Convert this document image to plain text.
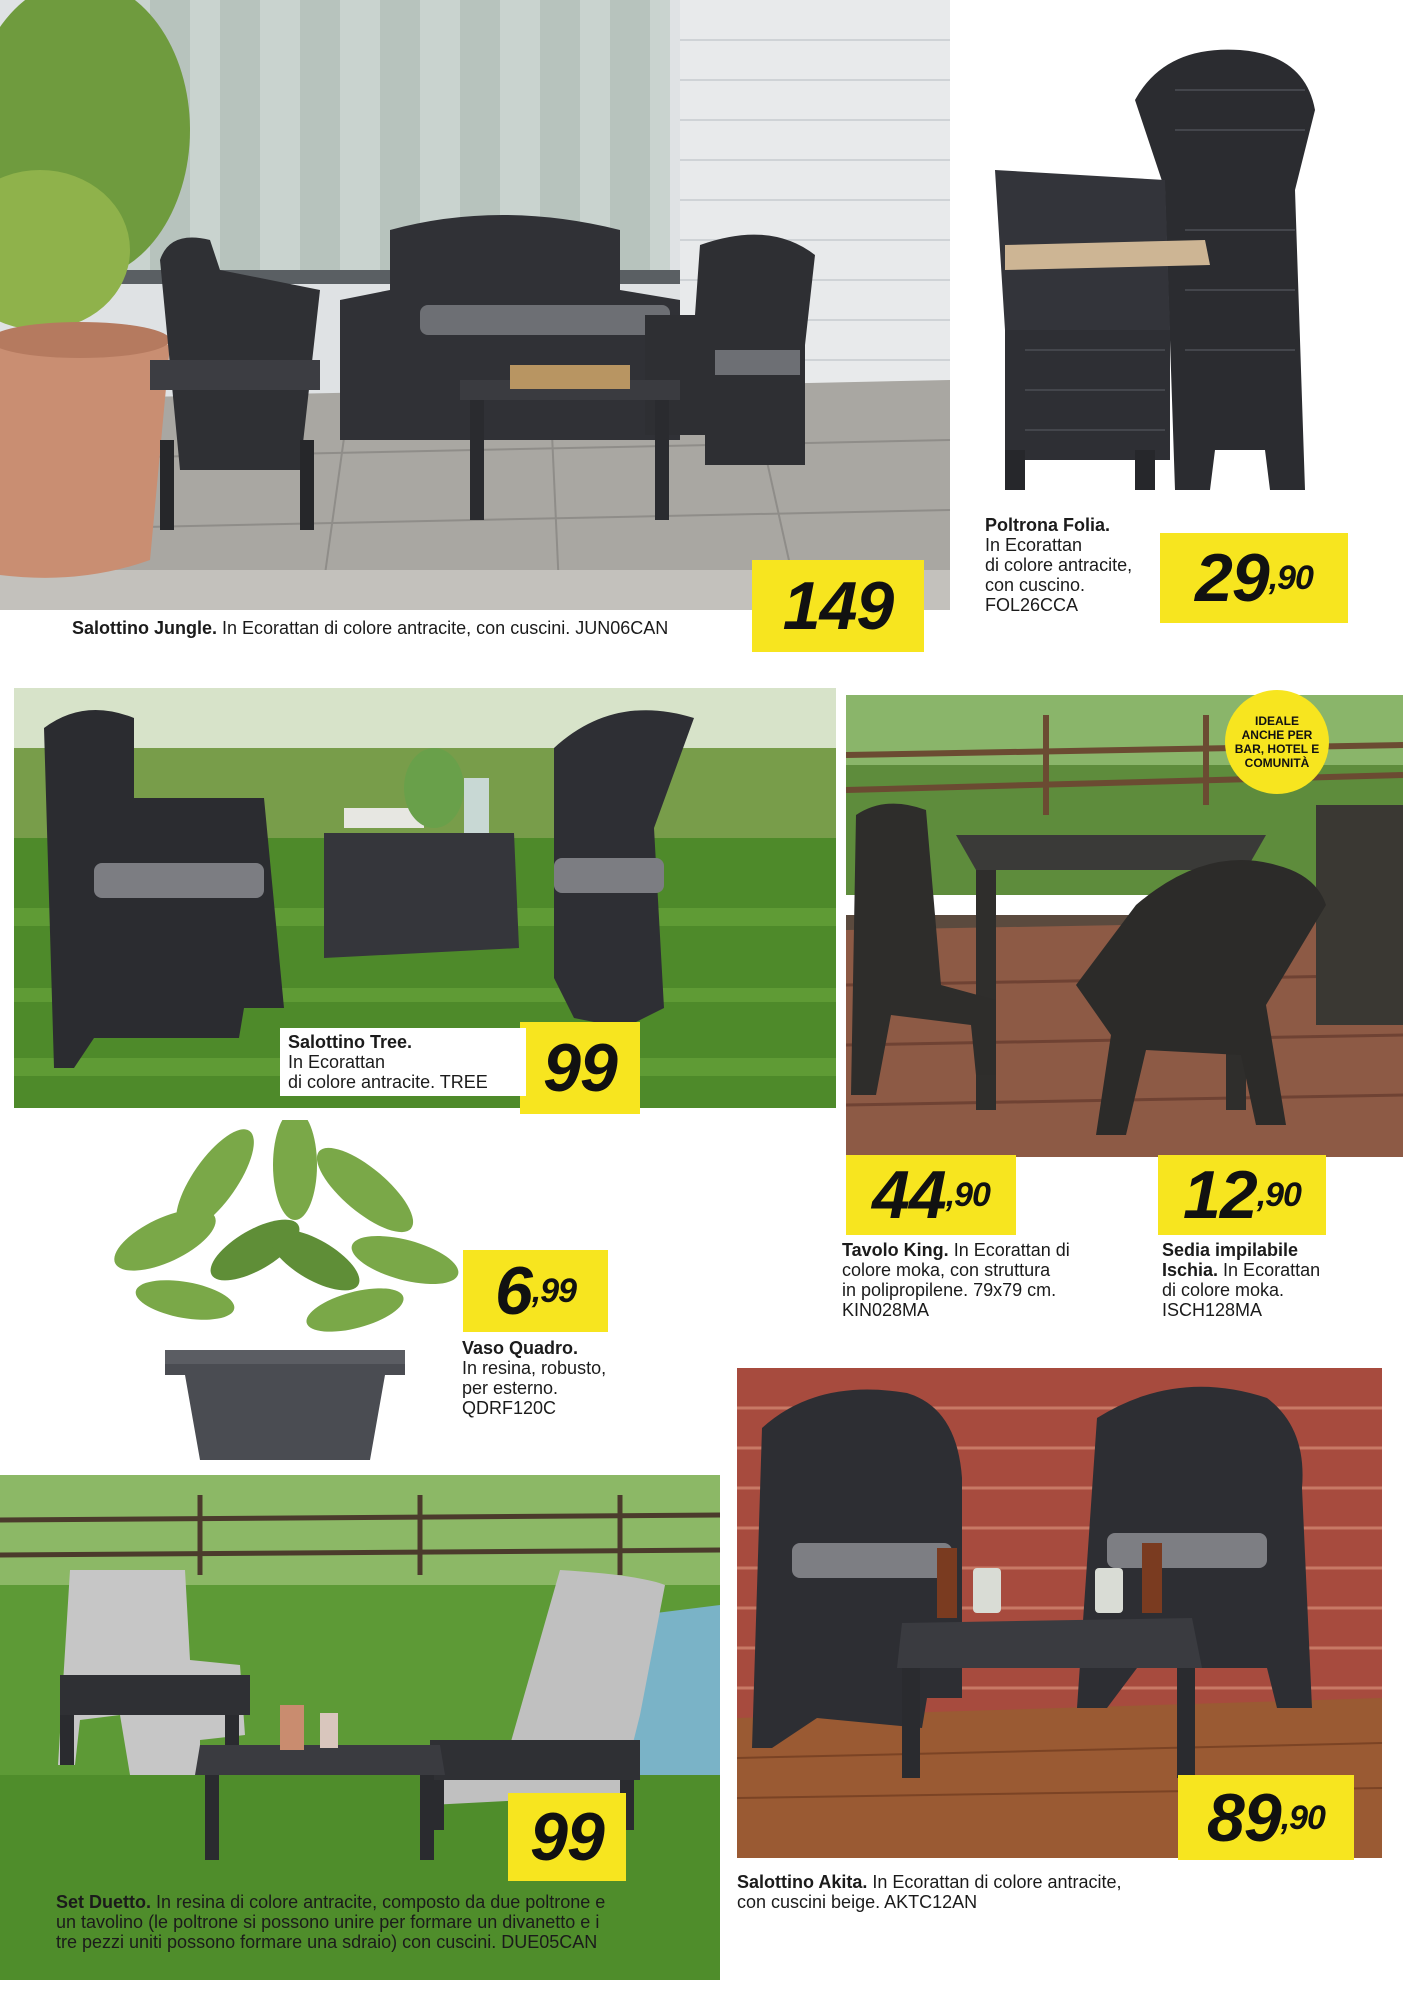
IDEALE
ANCHE PER
BAR, HOTEL E
COMUNITÀ
149	29 ,90
99
44 ,90	12 ,90
6 ,99
99	89 ,90
Salottino Jungle. In Ecorattan di colore antracite, con cuscini. JUN06CAN
Poltrona Folia.
In Ecorattan
di colore antracite,
con cuscino.
FOL26CCA
Salottino Tree.
In Ecorattan
di colore antracite. TREE
Tavolo King. In Ecorattan di
colore moka, con struttura
in polipropilene. 79x79 cm.
KIN028MA
Sedia impilabile
Ischia. In Ecorattan
di colore moka.
ISCH128MA
Vaso Quadro.
In resina, robusto,
per esterno.
QDRF120C
Set Duetto. In resina di colore antracite, composto da due poltrone e
un tavolino (le poltrone si possono unire per formare un divanetto e i
tre pezzi uniti possono formare una sdraio) con cuscini. DUE05CAN
Salottino Akita. In Ecorattan di colore antracite,
con cuscini beige. AKTC12AN
